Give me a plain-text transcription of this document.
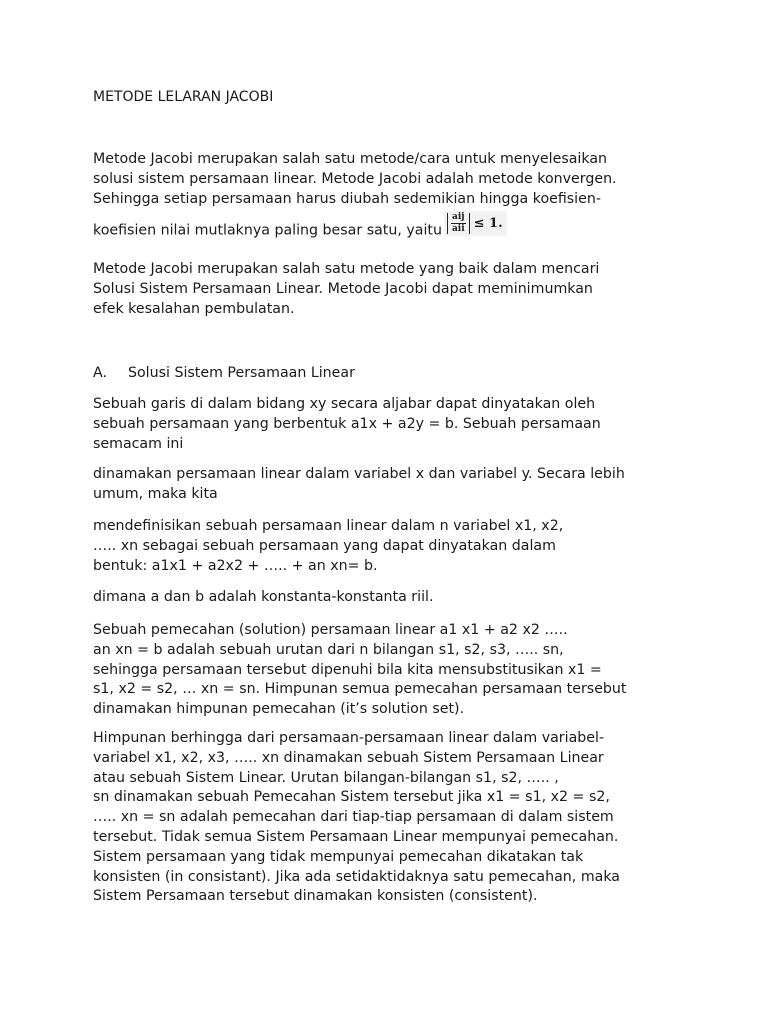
METODE LELARAN JACOBI

Metode Jacobi merupakan salah satu metode/cara untuk menyelesaikan
solusi sistem persamaan linear. Metode Jacobi adalah metode konvergen.
Sehingga setiap persamaan harus diubah sedemikian hingga koefisien-
koefisien nilai mutlaknya paling besar satu, yaitu $\frac{\text{aij}}{\text{aii}} \le 1$.

Metode Jacobi merupakan salah satu metode yang baik dalam mencari
Solusi Sistem Persamaan Linear. Metode Jacobi dapat meminimumkan
efek kesalahan pembulatan.

A. Solusi Sistem Persamaan Linear

Sebuah garis di dalam bidang xy secara aljabar dapat dinyatakan oleh
sebuah persamaan yang berbentuk a1x + a2y = b. Sebuah persamaan
semacam ini

dinamakan persamaan linear dalam variabel x dan variabel y. Secara lebih
umum, maka kita

mendefinisikan sebuah persamaan linear dalam n variabel x1, x2,
….. xn sebagai sebuah persamaan yang dapat dinyatakan dalam
bentuk: a1x1 + a2x2 + ….. + an xn= b.

dimana a dan b adalah konstanta-konstanta riil.

Sebuah pemecahan (solution) persamaan linear a1 x1 + a2 x2 …..
an xn = b adalah sebuah urutan dari n bilangan s1, s2, s3, ….. sn,
sehingga persamaan tersebut dipenuhi bila kita mensubstitusikan x1 =
s1, x2 = s2, … xn = sn. Himpunan semua pemecahan persamaan tersebut
dinamakan himpunan pemecahan (it’s solution set).

Himpunan berhingga dari persamaan-persamaan linear dalam variabel-
variabel x1, x2, x3, ….. xn dinamakan sebuah Sistem Persamaan Linear
atau sebuah Sistem Linear. Urutan bilangan-bilangan s1, s2, ….. ,
sn dinamakan sebuah Pemecahan Sistem tersebut jika x1 = s1, x2 = s2,
….. xn = sn adalah pemecahan dari tiap-tiap persamaan di dalam sistem
tersebut. Tidak semua Sistem Persamaan Linear mempunyai pemecahan.
Sistem persamaan yang tidak mempunyai pemecahan dikatakan tak
konsisten (in consistant). Jika ada setidaktidaknya satu pemecahan, maka
Sistem Persamaan tersebut dinamakan konsisten (consistent).
